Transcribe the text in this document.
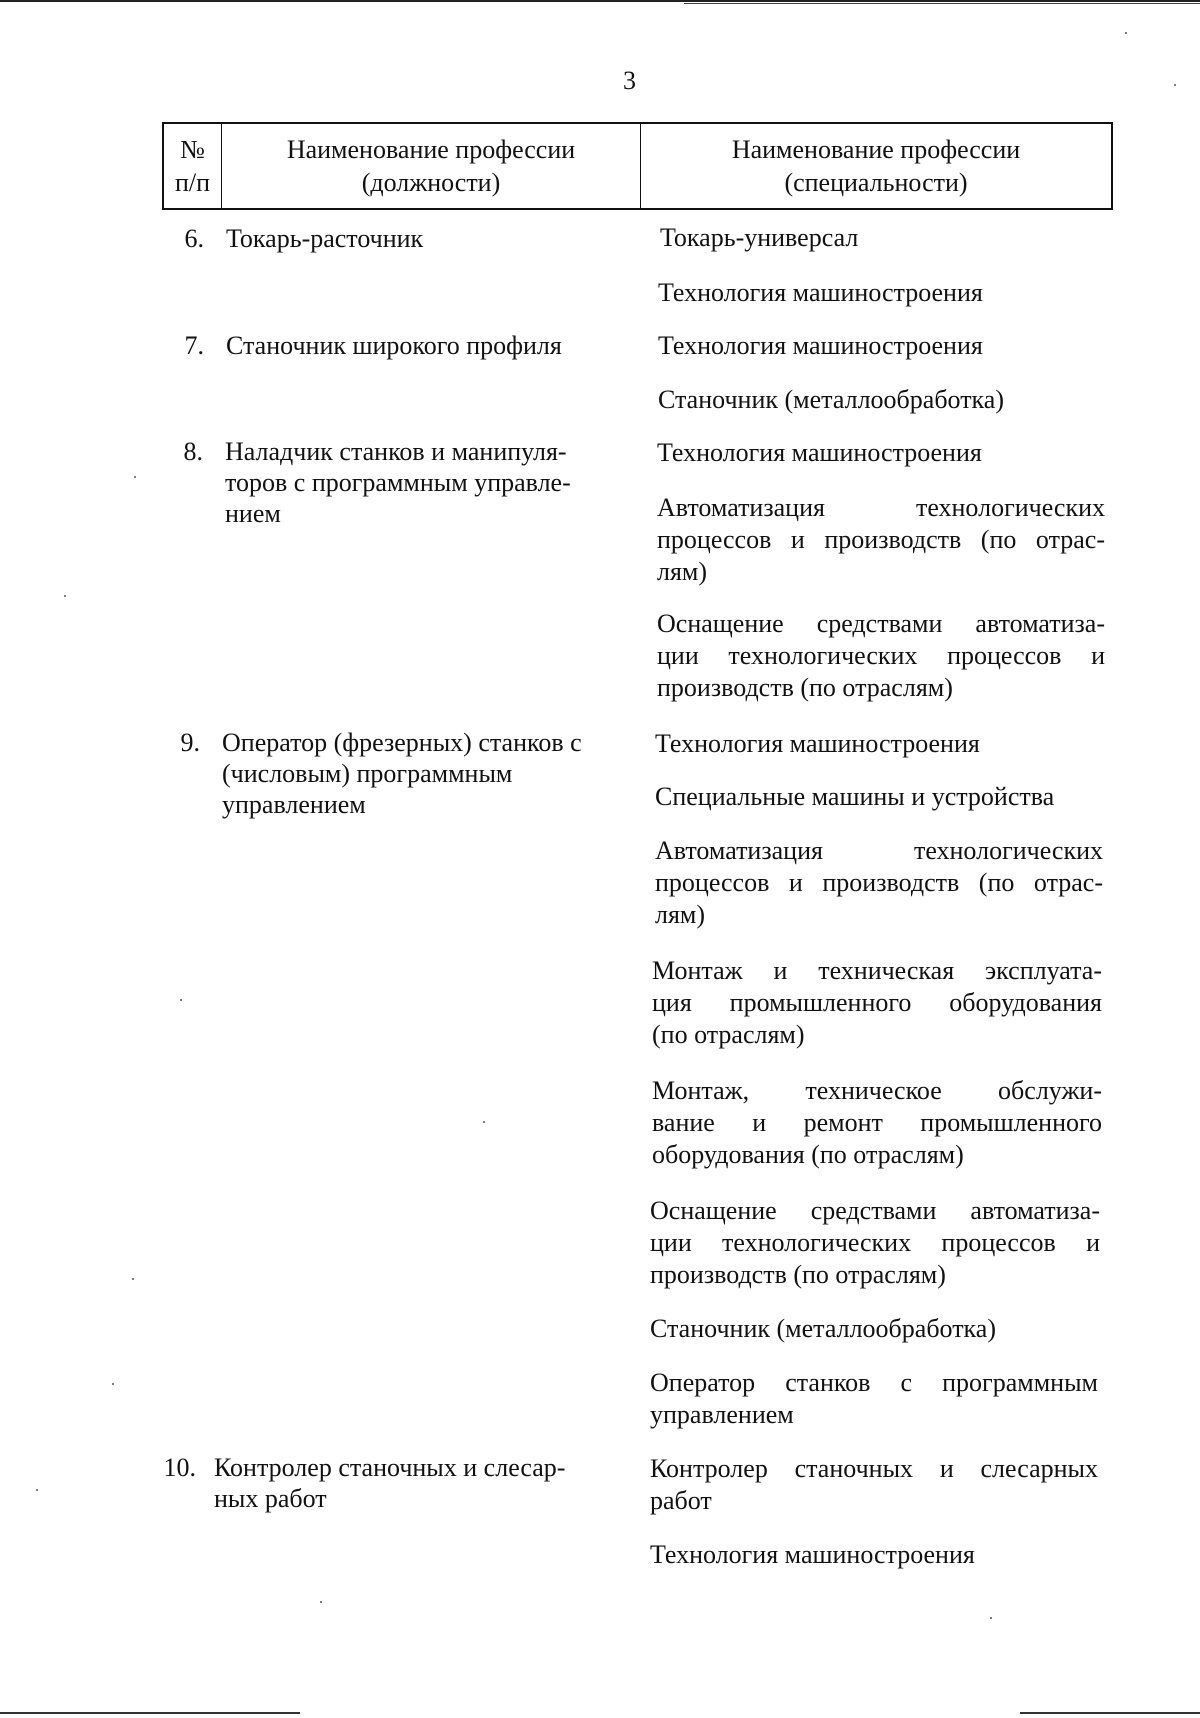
3
№
п/п
Наименование профессии
(должности)
Наименование профессии
(специальности)
6. Токарь-расточник	Токарь-универсал
Технология машиностроения
7. Станочник широкого профиля	Технология машиностроения
Станочник (металлообработка)
8. Наладчик станков и манипуля-
торов с программным управле-
нием
Технология машиностроения
Автоматизация технологических
процессов и производств (по отрас-
лям)
Оснащение средствами автоматиза-
ции технологических процессов и
производств (по отраслям)
9. Оператор (фрезерных) станков с
(числовым) программным
управлением
Технология машиностроения
Специальные машины и устройства
Автоматизация технологических
процессов и производств (по отрас-
лям)
Монтаж и техническая эксплуата-
ция промышленного оборудования
(по отраслям)
Монтаж, техническое обслужи-
вание и ремонт промышленного
оборудования (по отраслям)
Оснащение средствами автоматиза-
ции технологических процессов и
производств (по отраслям)
Станочник (металлообработка)
Оператор станков с программным
управлением
10. Контролер станочных и слесар-
ных работ
Контролер станочных и слесарных
работ
Технология машиностроения
